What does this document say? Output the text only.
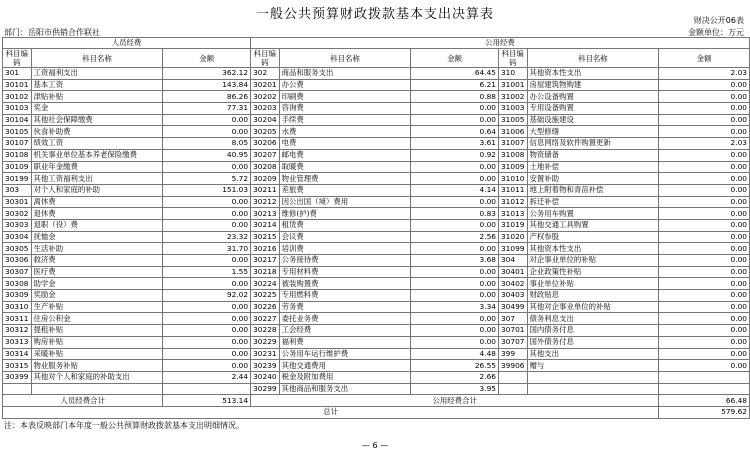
一般公共预算财政拨款基本支出决算表	财决公开06表
部门：岳阳市供销合作联社	金额单位：万元
人员经费			公用经费					
科目编码	科目名称	金额	科目编码	科目名称	金额	科目编码	科目名称	金额
301	工资福利支出	362.12	302	商品和服务支出	64.45	310	其他资本性支出	2.03
30101	基本工资	143.84	30201	办公费	6.21	31001	房屋建筑物购建	0.00
30102	津贴补贴	86.26	30202	印刷费	0.88	31002	办公设备购置	0.00
30103	奖金	77.31	30203	咨询费	0.00	31003	专用设备购置	0.00
30104	其他社会保障缴费	0.00	30204	手续费	0.00	31005	基础设施建设	0.00
30105	伙食补助费	0.00	30205	水费	0.64	31006	大型修缮	0.00
30107	绩效工资	8.05	30206	电费	3.61	31007	信息网络及软件购置更新	2.03
30108	机关事业单位基本养老保险缴费	40.95	30207	邮电费	0.92	31008	物资储备	0.00
30109	职业年金缴费	0.00	30208	取暖费	0.00	31009	土地补偿	0.00
30199	其他工资福利支出	5.72	30209	物业管理费	0.00	31010	安置补助	0.00
303	对个人和家庭的补助	151.03	30211	差旅费	4.14	31011	地上附着物和青苗补偿	0.00
30301	离休费	0.00	30212	因公出国（境）费用	0.00	31012	拆迁补偿	0.00
30302	退休费	0.00	30213	维修(护)费	0.83	31013	公务用车购置	0.00
30303	退职（役）费	0.00	30214	租赁费	0.00	31019	其他交通工具购置	0.00
30304	抚恤金	23.32	30215	会议费	2.56	31020	产权参股	0.00
30305	生活补助	31.70	30216	培训费	0.00	31099	其他资本性支出	0.00
30306	救济费	0.00	30217	公务接待费	3.68	304	对企事业单位的补贴	0.00
30307	医疗费	1.55	30218	专用材料费	0.00	30401	企业政策性补贴	0.00
30308	助学金	0.00	30224	被装购置费	0.00	30402	事业单位补贴	0.00
30309	奖励金	92.02	30225	专用燃料费	0.00	30403	财政贴息	0.00
30310	生产补贴	0.00	30226	劳务费	3.34	30499	其他对企事业单位的补贴	0.00
30311	住房公积金	0.00	30227	委托业务费	0.00	307	债务利息支出	0.00
30312	提租补贴	0.00	30228	工会经费	0.00	30701	国内债务付息	0.00
30313	购房补贴	0.00	30229	福利费	0.00	30707	国外债务付息	0.00
30314	采暖补贴	0.00	30231	公务用车运行维护费	4.48	399	其他支出	0.00
30315	物业服务补贴	0.00	30239	其他交通费用	26.55	39906	赠与	0.00
30399	其他对个人和家庭的补助支出	2.44	30240	税金及附加费用	2.66			
			30299	其他商品和服务支出	3.95			
人员经费合计		513.14	公用经费合计					66.48
总计								579.62
注：本表反映部门本年度一般公共预算财政拨款基本支出明细情况。
— 6 —
